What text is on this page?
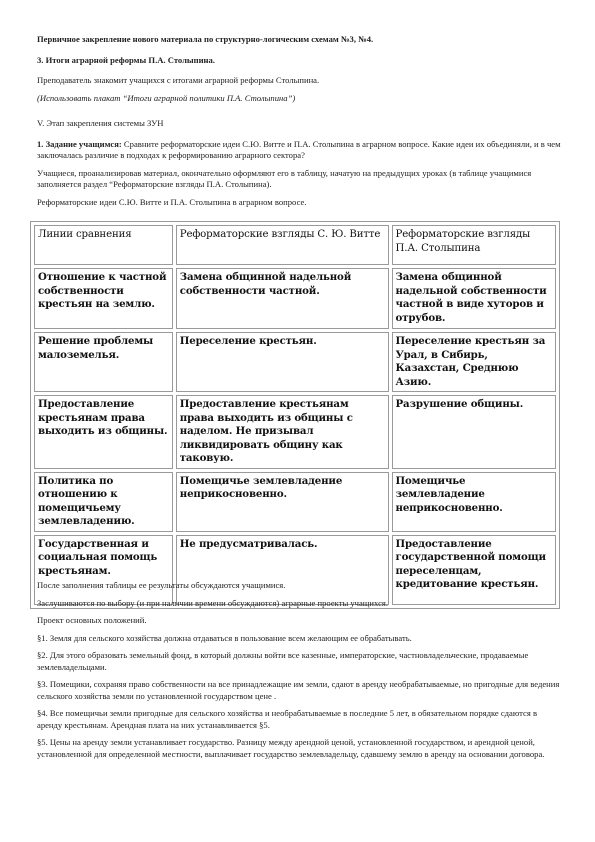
Первичное закрепление нового материала по структурно-логическим схемам №3, №4.

3. Итоги аграрной реформы П.А. Столыпина.

Преподаватель знакомит учащихся с итогами аграрной реформы Столыпина.

(Использовать плакат “Итоги аграрной политики П.А. Столыпина”)

V. Этап закрепления системы ЗУН

1. Задание учащимся: Сравните реформаторские идеи С.Ю. Витте и П.А. Столыпина в аграрном вопросе. Какие идеи их объединяли, и в чем заключалась различие в подходах к реформированию аграрного сектора?

Учащиеся, проанализировав материал, окончательно оформляют его в таблицу, начатую на предыдущих уроках (в таблице учащимися заполняется раздел “Реформаторские взгляды П.А. Столыпина).

Реформаторские идеи С.Ю. Витте и П.А. Столыпина в аграрном вопросе.

Линии сравнения	Реформаторские взгляды С. Ю. Витте	Реформаторские взгляды П.А. Столыпина
Отношение к частной собственности крестьян на землю.	Замена общинной надельной собственности частной.	Замена общинной надельной собственности частной в виде хуторов и отрубов.
Решение проблемы малоземелья.	Переселение крестьян.	Переселение крестьян за Урал, в Сибирь, Казахстан, Среднюю Азию.
Предоставление крестьянам права выходить из общины.	Предоставление крестьянам права выходить из общины с наделом. Не призывал ликвидировать общину как таковую.	Разрушение общины.
Политика по отношению к помещичьему землевладению.	Помещичье землевладение неприкосновенно.	Помещичье землевладение неприкосновенно.
Государственная и социальная помощь крестьянам.	Не предусматривалась.	Предоставление государственной помощи переселенцам, кредитование крестьян.

После заполнения таблицы ее результаты обсуждаются учащимися.

Заслушиваются по выбору (и при наличии времени обсуждаются) аграрные проекты учащихся.

Проект основных положений.

§1. Земля для сельского хозяйства должна отдаваться в пользование всем желающим ее обрабатывать.

§2. Для этого образовать земельный фонд, в который должны войти все казенные, императорские, частновладельческие, продаваемые землевладельцами.

§3. Помещики, сохраняя право собственности на все принадлежащие им земли, сдают в аренду необрабатываемые, но пригодные для ведения сельского хозяйства земли по установленной государством цене .

§4. Все помещичьи земли пригодные для сельского хозяйства и необрабатываемые в последние 5 лет, в обязательном порядке сдаются в аренду крестьянам. Арендная плата на них устанавливается §5.

§5. Цены на аренду земли устанавливает государство. Разницу между арендной ценой, установленной государством, и арендной ценой, установленной для определенной местности, выплачивает государство землевладельцу, сдавшему землю в аренду на основании договора.
